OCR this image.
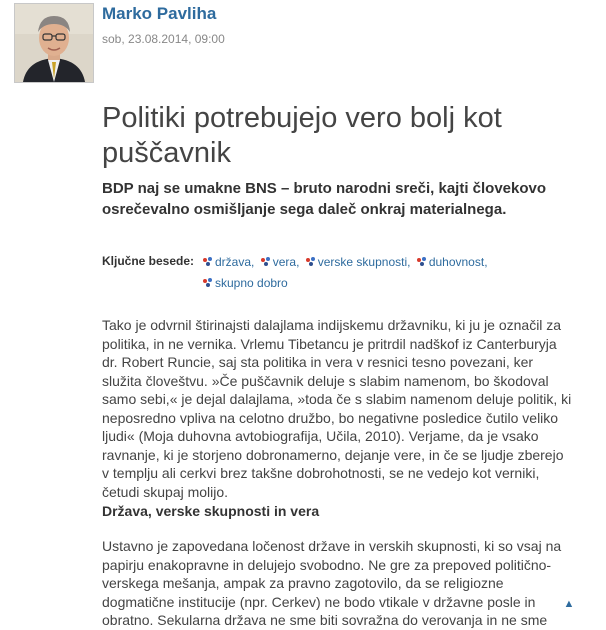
Marko Pavliha
sob, 23.08.2014, 09:00
Politiki potrebujejo vero bolj kot puščavnik

BDP naj se umakne BNS – bruto narodni sreči, kajti človekovo osrečevalno osmišljanje sega daleč onkraj materialnega.

Ključne besede:	država, vera, verske skupnosti, duhovnost,

skupno dobro

Tako je odvrnil štirinajsti dalajlama indijskemu državniku, ki ju je označil za politika, in ne vernika. Vrlemu Tibetancu je pritrdil nadškof iz Canterburyja dr. Robert Runcie, saj sta politika in vera v resnici tesno povezani, ker služita človeštvu. »Če puščavnik deluje s slabim namenom, bo škodoval samo sebi,« je dejal dalajlama, »toda če s slabim namenom deluje politik, ki neposredno vpliva na celotno družbo, bo negativne posledice čutilo veliko ljudi« (Moja duhovna avtobiografija, Učila, 2010). Verjame, da je vsako ravnanje, ki je storjeno dobronamerno, dejanje vere, in če se ljudje zberejo v templju ali cerkvi brez takšne dobrohotnosti, se ne vedejo kot verniki, četudi skupaj molijo.

Država, verske skupnosti in vera

Ustavno je zapovedana ločenost države in verskih skupnosti, ki so vsaj na papirju enakopravne in delujejo svobodno. Ne gre za prepoved politično-verskega mešanja, ampak za pravno zagotovilo, da se religiozne dogmatične institucije (npr. Cerkev) ne bodo vtikale v državne posle in obratno. Sekularna država ne sme biti sovražna do verovanja in ne sme

▲
